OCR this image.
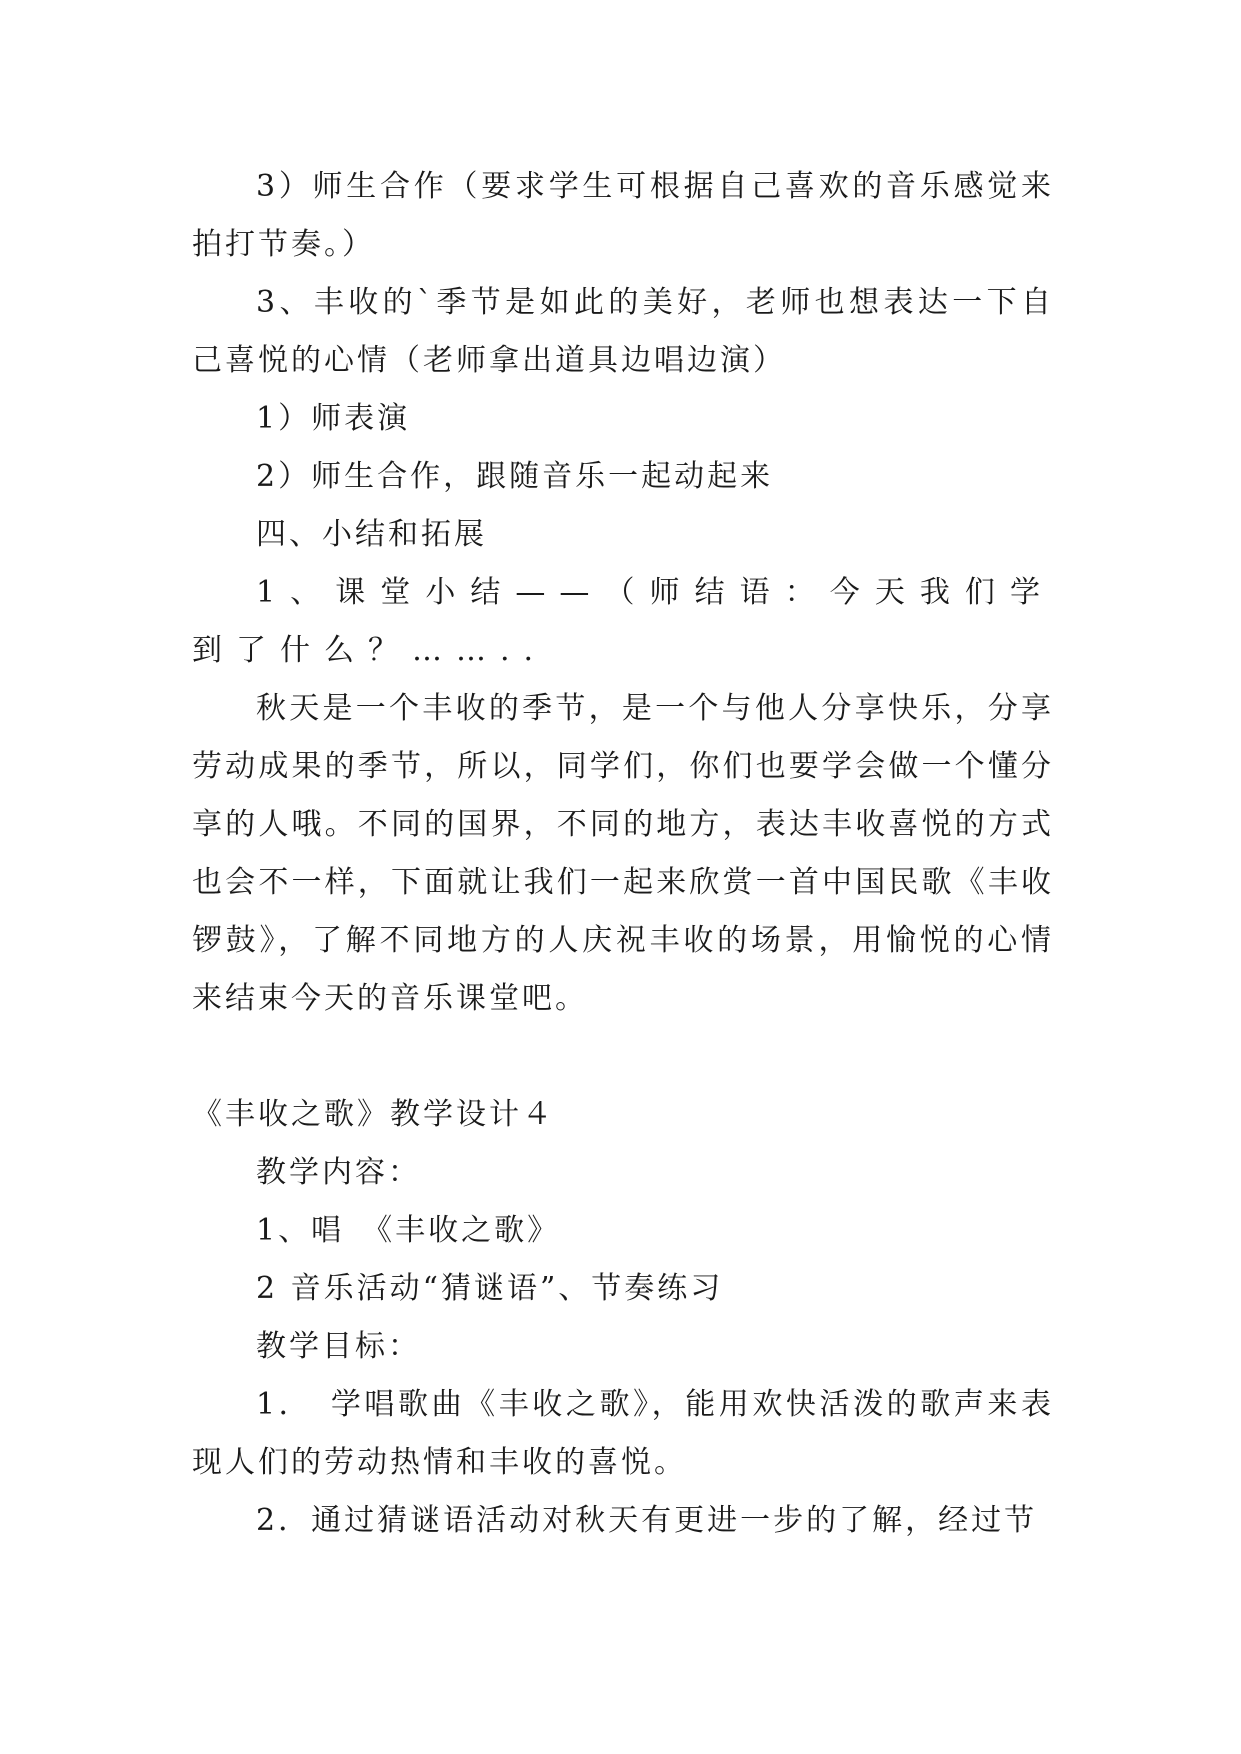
3）师生合作（要求学生可根据自己喜欢的音乐感觉来拍打节奏。）

3、丰收的`季节是如此的美好，老师也想表达一下自己喜悦的心情（老师拿出道具边唱边演）

1）师表演

2）师生合作，跟随音乐一起动起来

四、小结和拓展

1、课堂小结——（师结语：今天我们学到了什么？……..

秋天是一个丰收的季节，是一个与他人分享快乐，分享劳动成果的季节，所以，同学们，你们也要学会做一个懂分享的人哦。不同的国界，不同的地方，表达丰收喜悦的方式也会不一样，下面就让我们一起来欣赏一首中国民歌《丰收锣鼓》，了解不同地方的人庆祝丰收的场景，用愉悦的心情来结束今天的音乐课堂吧。

《丰收之歌》教学设计４

教学内容：

1、唱　《丰收之歌》

2 音乐活动“猜谜语”、节奏练习

教学目标：

1．　学唱歌曲《丰收之歌》，能用欢快活泼的歌声来表现人们的劳动热情和丰收的喜悦。

2．通过猜谜语活动对秋天有更进一步的了解，经过节
